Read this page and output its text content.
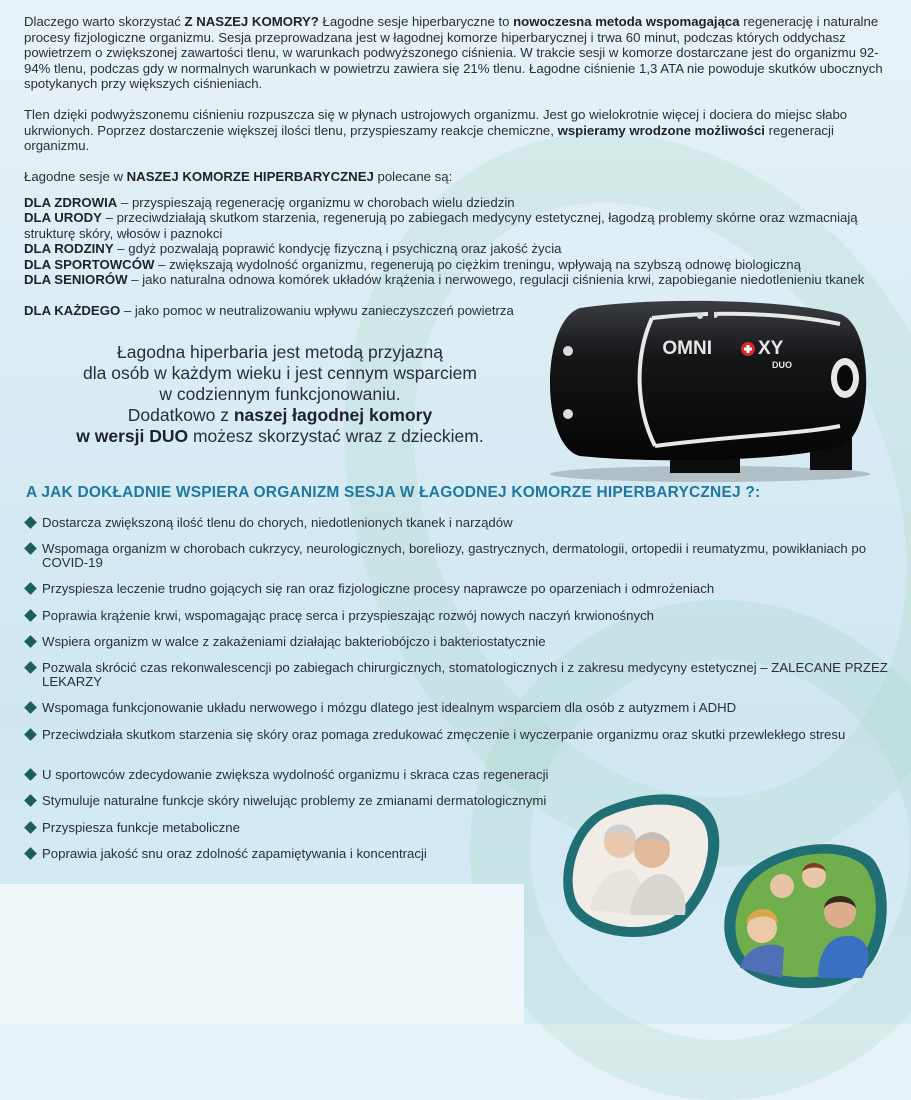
Dlaczego warto skorzystać Z NASZEJ KOMORY? Łagodne sesje hiperbaryczne to nowoczesna metoda wspomagająca regenerację i naturalne procesy fizjologiczne organizmu. Sesja przeprowadzana jest w łagodnej komorze hiperbarycznej i trwa 60 minut, podczas których oddychasz powietrzem o zwiększonej zawartości tlenu, w warunkach podwyższonego ciśnienia. W trakcie sesji w komorze dostarczane jest do organizmu 92-94% tlenu, podczas gdy w normalnych warunkach w powietrzu zawiera się 21% tlenu. Łagodne ciśnienie 1,3 ATA nie powoduje skutków ubocznych spotykanych przy większych ciśnieniach.

Tlen dzięki podwyższonemu ciśnieniu rozpuszcza się w płynach ustrojowych organizmu. Jest go wielokrotnie więcej i dociera do miejsc słabo ukrwionych. Poprzez dostarczenie większej ilości tlenu, przyspieszamy reakcje chemiczne, wspieramy wrodzone możliwości regeneracji organizmu.

Łagodne sesje w NASZEJ KOMORZE HIPERBARYCZNEJ polecane są:

DLA ZDROWIA – przyspieszają regenerację organizmu w chorobach wielu dziedzin

DLA URODY – przeciwdziałają skutkom starzenia, regenerują po zabiegach medycyny estetycznej, łagodzą problemy skórne oraz wzmacniają strukturę skóry, włosów i paznokci

DLA RODZINY – gdyż pozwalają poprawić kondycję fizyczną i psychiczną oraz jakość życia

DLA SPORTOWCÓW – zwiększają wydolność organizmu, regenerują po ciężkim treningu, wpływają na szybszą odnowę biologiczną

DLA SENIORÓW – jako naturalna odnowa komórek układów krążenia i nerwowego, regulacji ciśnienia krwi, zapobieganie niedotlenieniu tkanek

DLA KAŻDEGO – jako pomoc w neutralizowaniu wpływu zanieczyszczeń powietrza

Łagodna hiperbaria jest metodą przyjazną
dla osób w każdym wieku i jest cennym wsparciem
w codziennym funkcjonowaniu.
Dodatkowo z naszej łagodnej komory
w wersji DUO możesz skorzystać wraz z dzieckiem.
OMNI XY
DUO
A JAK DOKŁADNIE WSPIERA ORGANIZM SESJA W ŁAGODNEJ KOMORZE HIPERBARYCZNEJ ?:
Dostarcza zwiększoną ilość tlenu do chorych, niedotlenionych tkanek i narządów
Wspomaga organizm w chorobach cukrzycy, neurologicznych, boreliozy, gastrycznych, dermatologii, ortopedii i reumatyzmu, powikłaniach po COVID-19
Przyspiesza leczenie trudno gojących się ran oraz fizjologiczne procesy naprawcze po oparzeniach i odmrożeniach
Poprawia krążenie krwi, wspomagając pracę serca i przyspieszając rozwój nowych naczyń krwionośnych
Wspiera organizm w walce z zakażeniami działając bakteriobójczo i bakteriostatycznie
Pozwala skrócić czas rekonwalescencji po zabiegach chirurgicznych, stomatologicznych i z zakresu medycyny estetycznej – ZALECANE PRZEZ LEKARZY
Wspomaga funkcjonowanie układu nerwowego i mózgu dlatego jest idealnym wsparciem dla osób z autyzmem i ADHD
Przeciwdziała skutkom starzenia się skóry oraz pomaga zredukować zmęczenie i wyczerpanie organizmu oraz skutki przewlekłego stresu
U sportowców zdecydowanie zwiększa wydolność organizmu i skraca czas regeneracji
Stymuluje naturalne funkcje skóry niwelując problemy ze zmianami dermatologicznymi
Przyspiesza funkcje metaboliczne
Poprawia jakość snu oraz zdolność zapamiętywania i koncentracji
